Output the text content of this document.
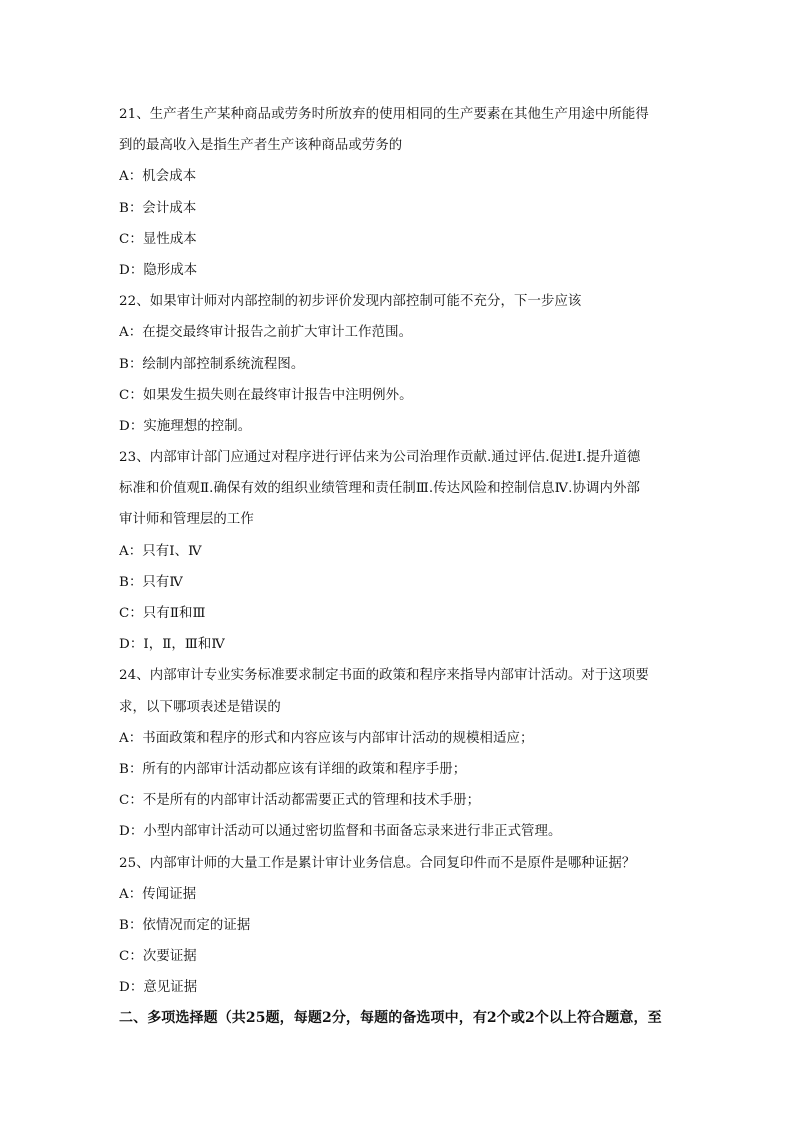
21、生产者生产某种商品或劳务时所放弃的使用相同的生产要素在其他生产用途中所能得
到的最高收入是指生产者生产该种商品或劳务的
A：机会成本
B：会计成本
C：显性成本
D：隐形成本
22、如果审计师对内部控制的初步评价发现内部控制可能不充分，下一步应该
A：在提交最终审计报告之前扩大审计工作范围。
B：绘制内部控制系统流程图。
C：如果发生损失则在最终审计报告中注明例外。
D：实施理想的控制。
23、内部审计部门应通过对程序进行评估来为公司治理作贡献.通过评估.促进Ⅰ.提升道德
标准和价值观Ⅱ.确保有效的组织业绩管理和责任制Ⅲ.传达风险和控制信息Ⅳ.协调内外部
审计师和管理层的工作
A：只有Ⅰ、Ⅳ
B：只有Ⅳ
C：只有Ⅱ和Ⅲ
D：Ⅰ，Ⅱ，Ⅲ和Ⅳ
24、内部审计专业实务标准要求制定书面的政策和程序来指导内部审计活动。对于这项要
求，以下哪项表述是错误的
A：书面政策和程序的形式和内容应该与内部审计活动的规模相适应；
B：所有的内部审计活动都应该有详细的政策和程序手册；
C：不是所有的内部审计活动都需要正式的管理和技术手册；
D：小型内部审计活动可以通过密切监督和书面备忘录来进行非正式管理。
25、内部审计师的大量工作是累计审计业务信息。合同复印件而不是原件是哪种证据？
A：传闻证据
B：依情况而定的证据
C：次要证据
D：意见证据
二、多项选择题（共25题，每题2分，每题的备选项中，有2个或2个以上符合题意，至
